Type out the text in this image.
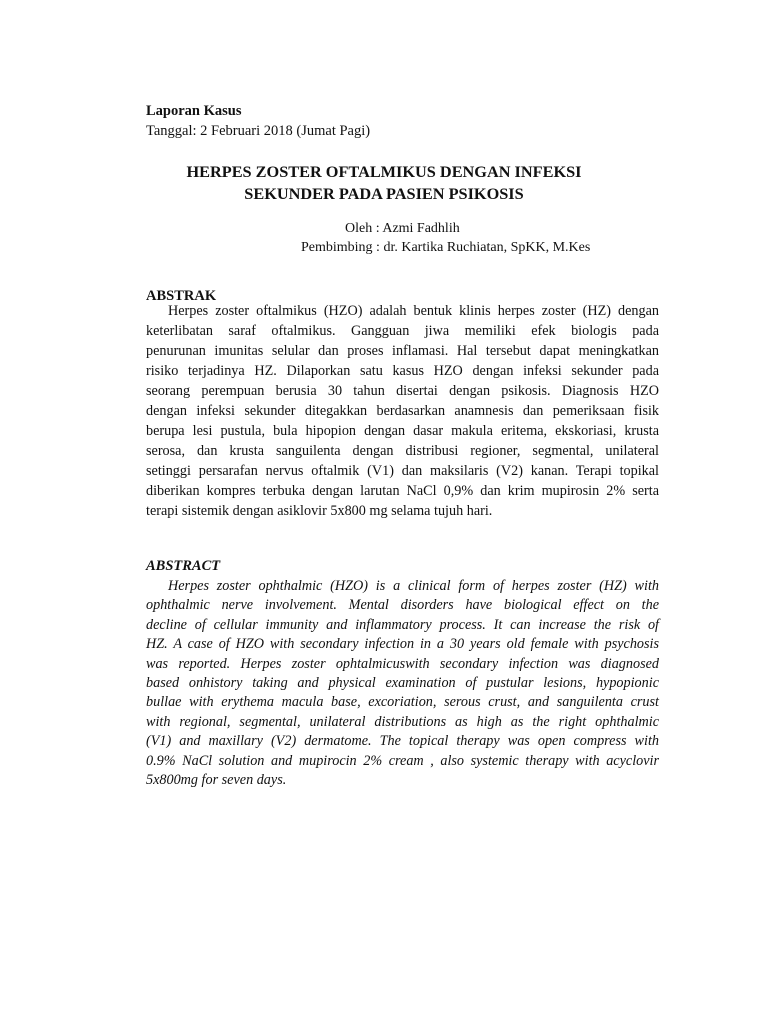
Laporan Kasus
Tanggal: 2 Februari 2018 (Jumat Pagi)
HERPES ZOSTER OFTALMIKUS DENGAN INFEKSI
SEKUNDER PADA PASIEN PSIKOSIS
Oleh : Azmi Fadhlih
Pembimbing : dr. Kartika Ruchiatan, SpKK, M.Kes
ABSTRAK
Herpes zoster oftalmikus (HZO) adalah bentuk klinis herpes zoster (HZ) dengan
keterlibatan saraf oftalmikus. Gangguan jiwa memiliki efek biologis pada
penurunan imunitas selular dan proses inflamasi. Hal tersebut dapat meningkatkan
risiko terjadinya HZ. Dilaporkan satu kasus HZO dengan infeksi sekunder pada
seorang perempuan berusia 30 tahun disertai dengan psikosis. Diagnosis HZO
dengan infeksi sekunder ditegakkan berdasarkan anamnesis dan pemeriksaan fisik
berupa lesi pustula, bula hipopion dengan dasar makula eritema, ekskoriasi, krusta
serosa, dan krusta sanguilenta dengan distribusi regioner, segmental, unilateral
setinggi persarafan nervus oftalmik (V1) dan maksilaris (V2) kanan. Terapi topikal
diberikan kompres terbuka dengan larutan NaCl 0,9% dan krim mupirosin 2% serta
terapi sistemik dengan asiklovir 5x800 mg selama tujuh hari.
ABSTRACT
Herpes zoster ophthalmic (HZO) is a clinical form of herpes zoster (HZ) with
ophthalmic nerve involvement. Mental disorders have biological effect on the
decline of cellular immunity and inflammatory process. It can increase the risk of
HZ. A case of HZO with secondary infection in a 30 years old female with psychosis
was reported. Herpes zoster ophtalmicuswith secondary infection was diagnosed
based onhistory taking and physical examination of pustular lesions, hypopionic
bullae with erythema macula base, excoriation, serous crust, and sanguilenta crust
with regional, segmental, unilateral distributions as high as the right ophthalmic
(V1) and maxillary (V2) dermatome. The topical therapy was open compress with
0.9% NaCl solution and mupirocin 2% cream , also systemic therapy with acyclovir
5x800mg for seven days.
